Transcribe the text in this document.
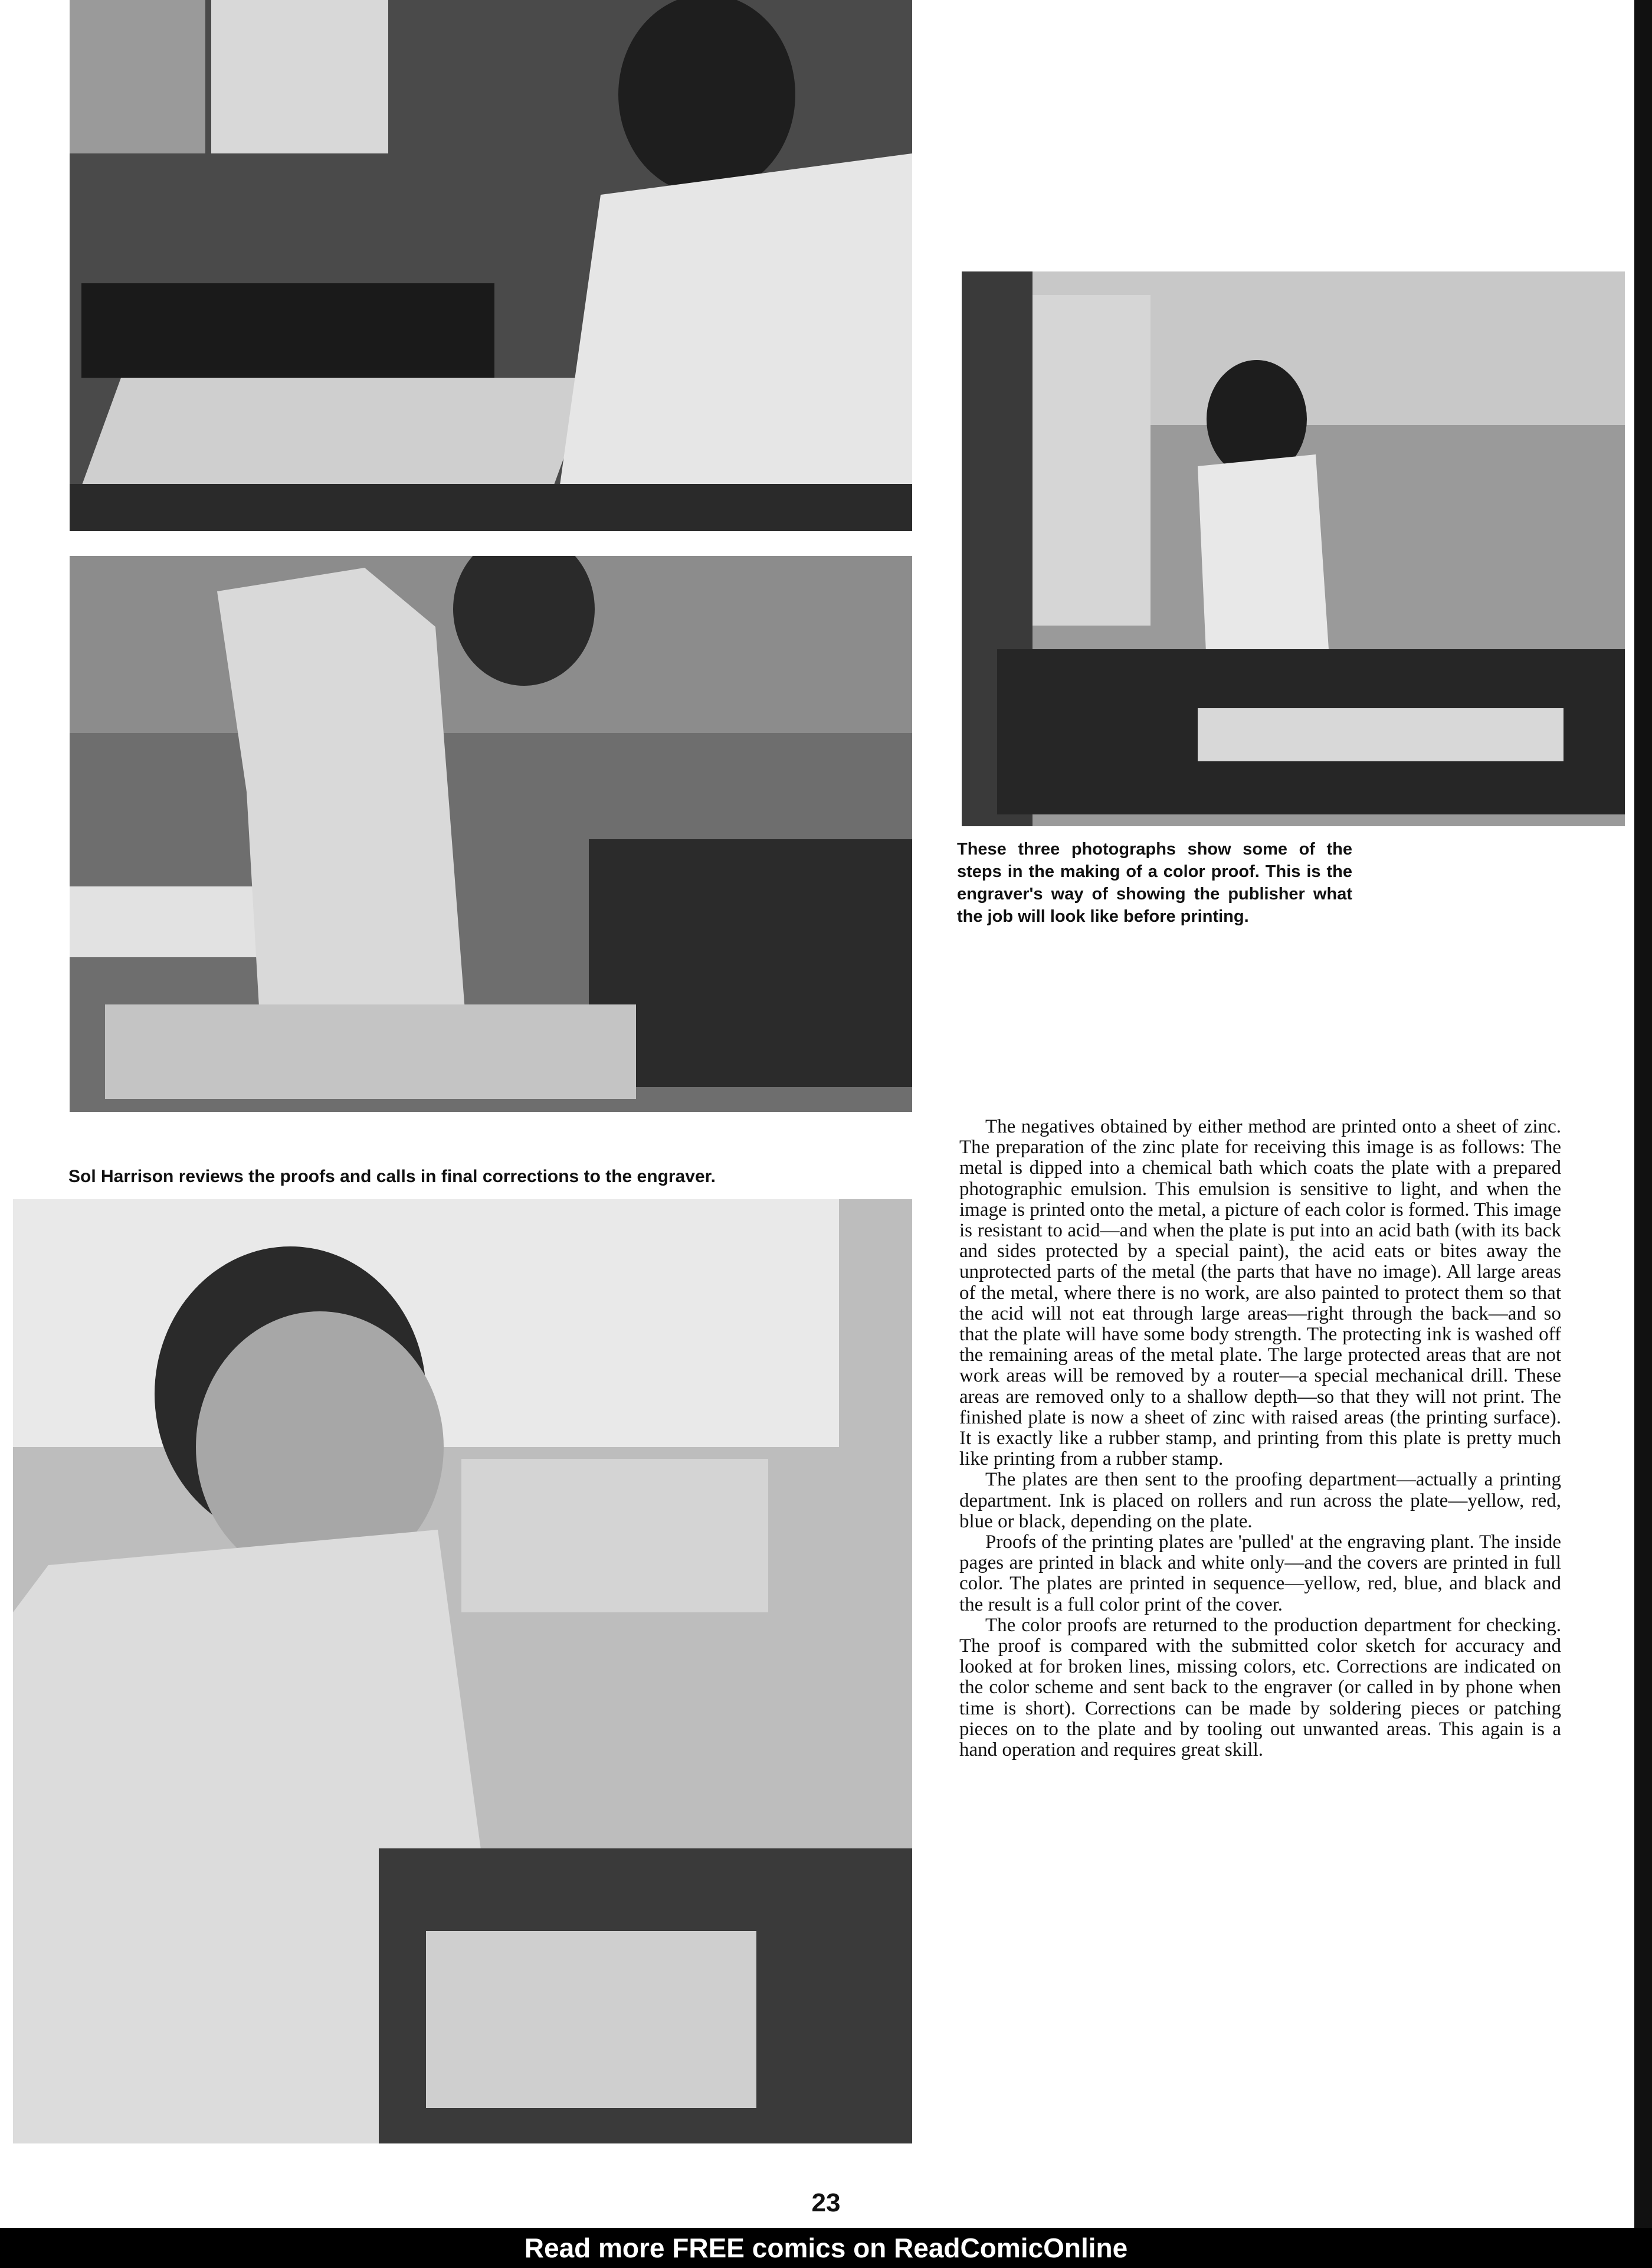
These three photographs show some of the steps in the making of a color proof. This is the engraver's way of showing the publisher what the job will look like before printing.
Sol Harrison reviews the proofs and calls in final corrections to the engraver.

The negatives obtained by either method are printed onto a sheet of zinc. The preparation of the zinc plate for receiving this image is as follows: The metal is dipped into a chemical bath which coats the plate with a prepared photographic emulsion. This emulsion is sensitive to light, and when the image is printed onto the metal, a picture of each color is formed. This image is resistant to acid—and when the plate is put into an acid bath (with its back and sides protected by a special paint), the acid eats or bites away the unprotected parts of the metal (the parts that have no image). All large areas of the metal, where there is no work, are also painted to protect them so that the acid will not eat through large areas—right through the back—and so that the plate will have some body strength. The protecting ink is washed off the remaining areas of the metal plate. The large protected areas that are not work areas will be removed by a router—a special mechanical drill. These areas are removed only to a shallow depth—so that they will not print. The finished plate is now a sheet of zinc with raised areas (the printing surface). It is exactly like a rubber stamp, and printing from this plate is pretty much like printing from a rubber stamp.

The plates are then sent to the proofing department—actually a printing department. Ink is placed on rollers and run across the plate—yellow, red, blue or black, depending on the plate.

Proofs of the printing plates are 'pulled' at the engraving plant. The inside pages are printed in black and white only—and the covers are printed in full color. The plates are printed in sequence—yellow, red, blue, and black and the result is a full color print of the cover.

The color proofs are returned to the production department for checking. The proof is compared with the submitted color sketch for accuracy and looked at for broken lines, missing colors, etc. Corrections are indicated on the color scheme and sent back to the engraver (or called in by phone when time is short). Corrections can be made by soldering pieces or patching pieces on to the plate and by tooling out unwanted areas. This again is a hand operation and requires great skill.

23
Read more FREE comics on ReadComicOnline
